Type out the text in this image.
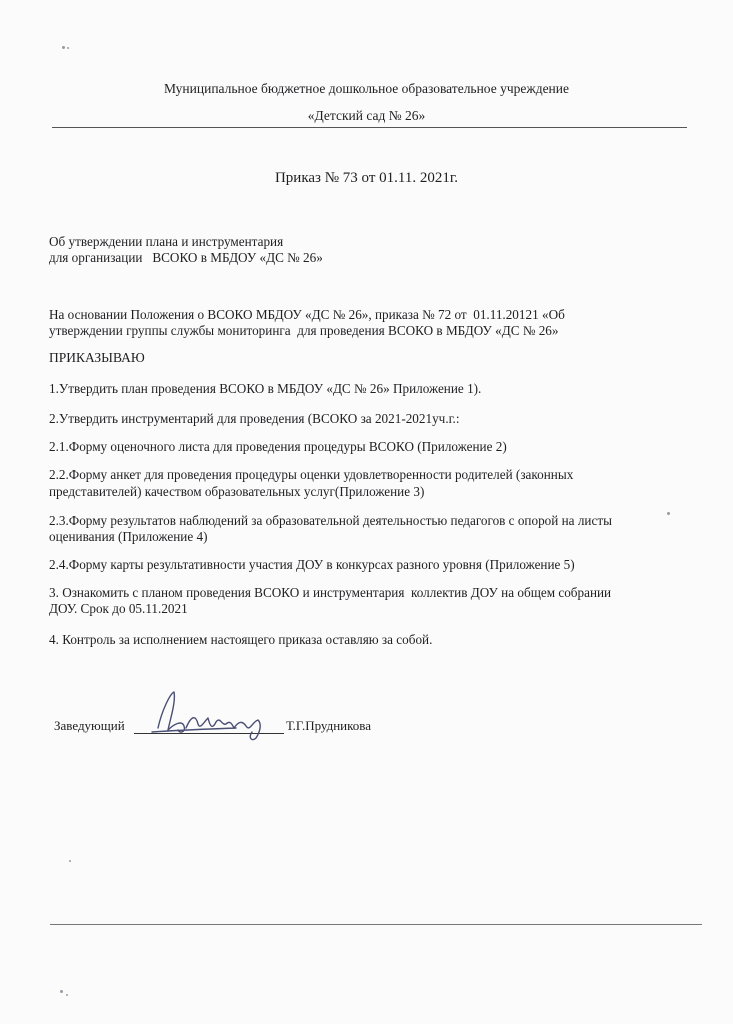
Муниципальное бюджетное дошкольное образовательное учреждение
«Детский сад № 26»
Приказ № 73 от 01.11. 2021г.
Об утверждении плана и инструментария
для организации   ВСОКО в МБДОУ «ДС № 26»
На основании Положения о ВСОКО МБДОУ «ДС № 26», приказа № 72 от  01.11.20121 «Об
утверждении группы службы мониторинга  для проведения ВСОКО в МБДОУ «ДС № 26»
ПРИКАЗЫВАЮ
1.Утвердить план проведения ВСОКО в МБДОУ «ДС № 26» Приложение 1).
2.Утвердить инструментарий для проведения (ВСОКО за 2021-2021уч.г.:
2.1.Форму оценочного листа для проведения процедуры ВСОКО (Приложение 2)
2.2.Форму анкет для проведения процедуры оценки удовлетворенности родителей (законных
представителей) качеством образовательных услуг(Приложение 3)
2.3.Форму результатов наблюдений за образовательной деятельностью педагогов с опорой на листы
оценивания (Приложение 4)
2.4.Форму карты результативности участия ДОУ в конкурсах разного уровня (Приложение 5)
3. Ознакомить с планом проведения ВСОКО и инструментария  коллектив ДОУ на общем собрании
ДОУ. Срок до 05.11.2021
4. Контроль за исполнением настоящего приказа оставляю за собой.
Заведующий	Т.Г.Прудникова
